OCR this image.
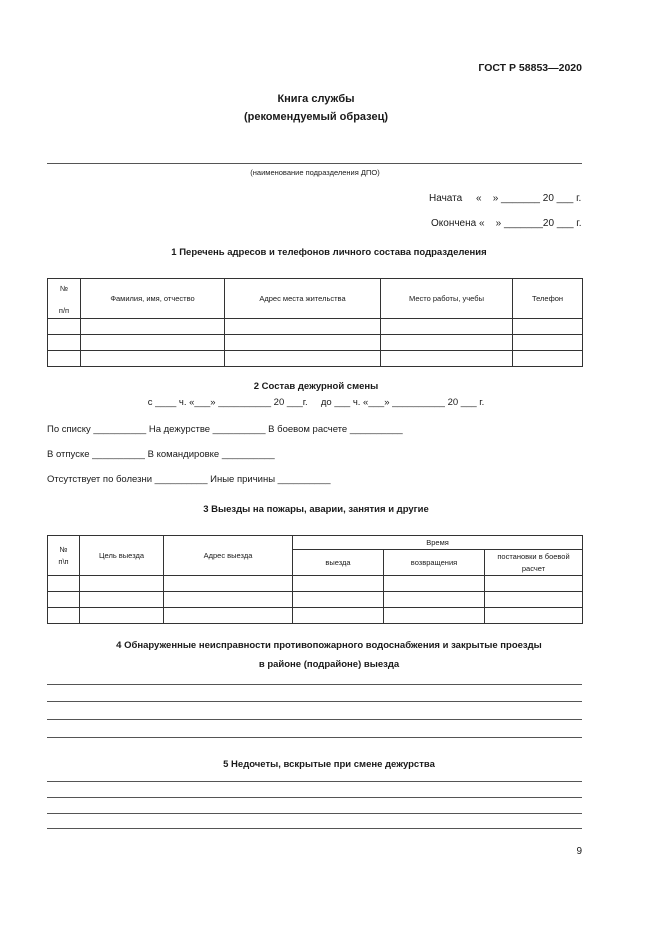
ГОСТ Р 58853—2020
Книга службы
(рекомендуемый образец)
(наименование подразделения ДПО)
Начата     «    » _______ 20 ___ г.
Окончена «    » _______20 ___ г.
1 Перечень адресов и телефонов личного состава подразделения
№
п/п	Фамилия, имя, отчество	Адрес места жительства	Место работы, учебы	Телефон

2 Состав дежурной смены
с ____ ч. «___» __________ 20 ___г.     до ___ ч. «___» __________ 20 ___ г.
По списку __________ На дежурстве __________ В боевом расчете __________
В отпуске __________ В командировке __________
Отсутствует по болезни __________ Иные причины __________
3 Выезды на пожары, аварии, занятия и другие
№
п\п	Цель выезда	Адрес выезда	Время		
			выезда	возвращения	постановки в боевой расчет

4 Обнаруженные неисправности противопожарного водоснабжения и закрытые проезды
в районе (подрайоне) выезда
5 Недочеты, вскрытые при смене дежурства
9
